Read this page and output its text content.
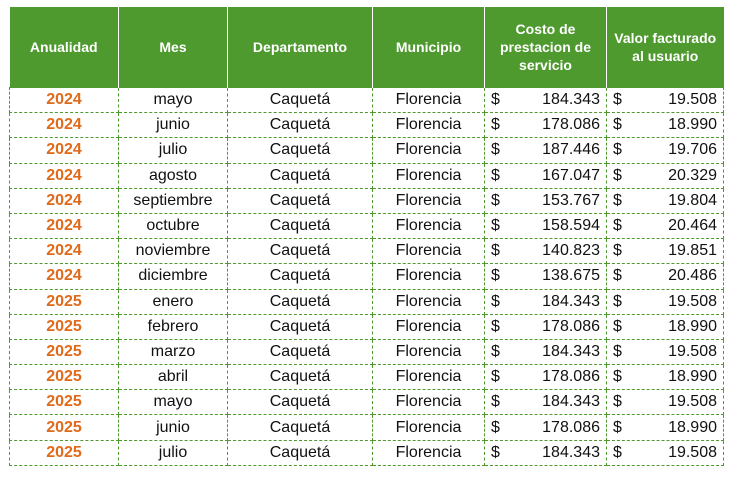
Anualidad	Mes	Departamento	Municipio	Costo de prestacion de servicio	Valor facturado al usuario
2024	mayo	Caquetá	Florencia	$ 184.343	$ 19.508

2024	junio	Caquetá	Florencia	$ 178.086	$ 18.990

2024	julio	Caquetá	Florencia	$ 187.446	$ 19.706

2024	agosto	Caquetá	Florencia	$ 167.047	$ 20.329

2024	septiembre	Caquetá	Florencia	$ 153.767	$ 19.804

2024	octubre	Caquetá	Florencia	$ 158.594	$ 20.464

2024	noviembre	Caquetá	Florencia	$ 140.823	$ 19.851

2024	diciembre	Caquetá	Florencia	$ 138.675	$ 20.486

2025	enero	Caquetá	Florencia	$ 184.343	$ 19.508

2025	febrero	Caquetá	Florencia	$ 178.086	$ 18.990

2025	marzo	Caquetá	Florencia	$ 184.343	$ 19.508

2025	abril	Caquetá	Florencia	$ 178.086	$ 18.990

2025	mayo	Caquetá	Florencia	$ 184.343	$ 19.508

2025	junio	Caquetá	Florencia	$ 178.086	$ 18.990

2025	julio	Caquetá	Florencia	$ 184.343	$ 19.508
